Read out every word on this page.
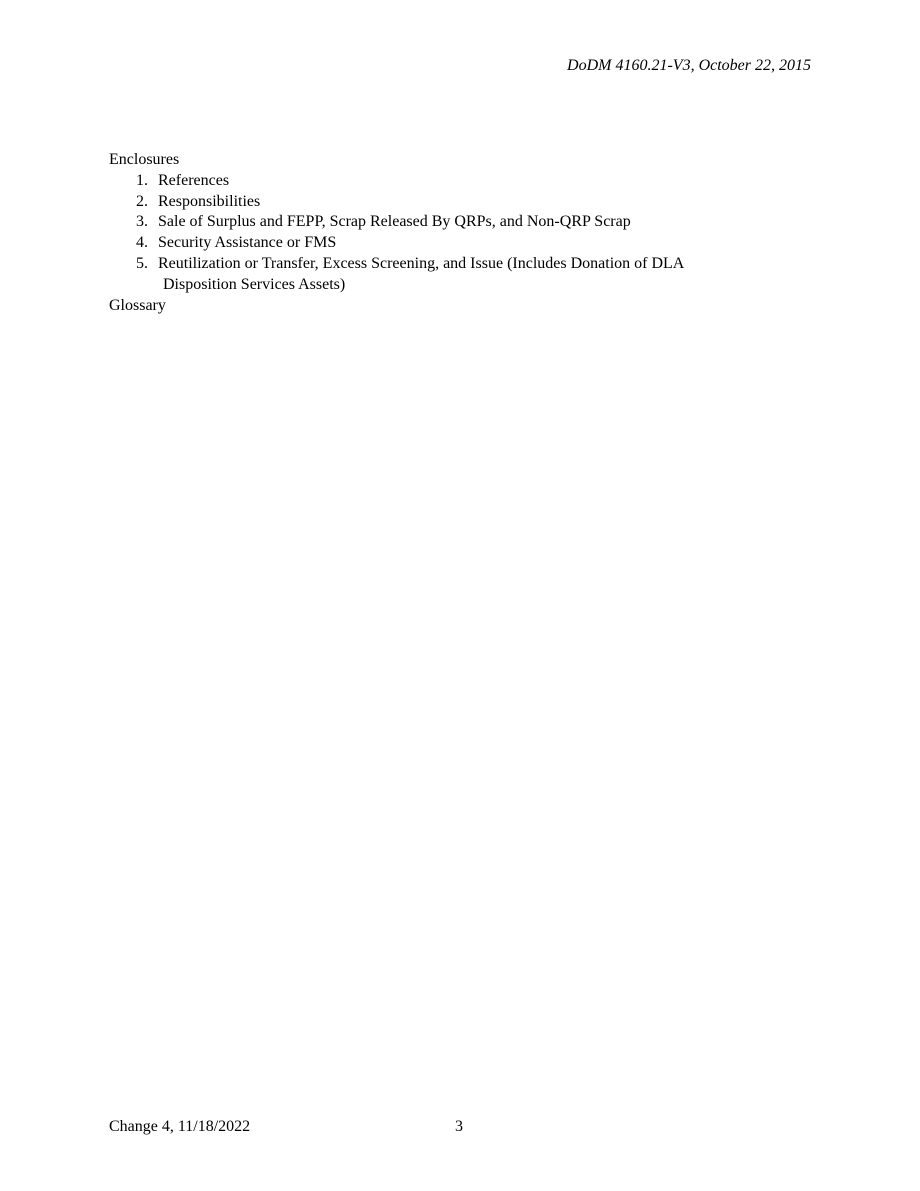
DoDM 4160.21-V3, October 22, 2015
Enclosures
1. References
2. Responsibilities
3. Sale of Surplus and FEPP, Scrap Released By QRPs, and Non-QRP Scrap
4. Security Assistance or FMS
5. Reutilization or Transfer, Excess Screening, and Issue (Includes Donation of DLA
Disposition Services Assets)
Glossary
Change 4, 11/18/2022	3
